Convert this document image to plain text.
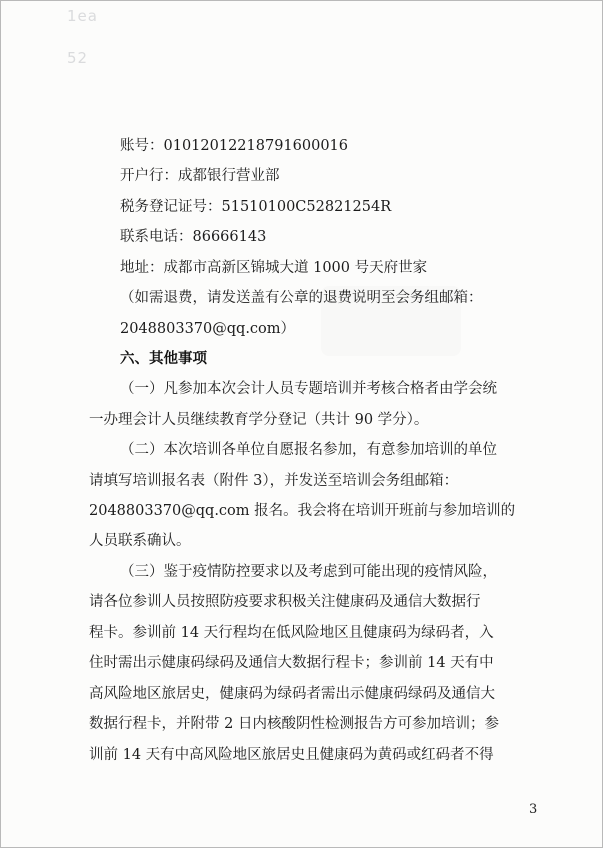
1ea
52
账号：01012012218791600016
开户行：成都银行营业部
税务登记证号：51510100C52821254R
联系电话：86666143
地址：成都市高新区锦城大道 1000 号天府世家
（如需退费，请发送盖有公章的退费说明至会务组邮箱：
2048803370@qq.com）
六、其他事项
（一）凡参加本次会计人员专题培训并考核合格者由学会统
一办理会计人员继续教育学分登记（共计 90 学分）。
（二）本次培训各单位自愿报名参加，有意参加培训的单位
请填写培训报名表（附件 3），并发送至培训会务组邮箱：
2048803370@qq.com 报名。我会将在培训开班前与参加培训的
人员联系确认。
（三）鉴于疫情防控要求以及考虑到可能出现的疫情风险，
请各位参训人员按照防疫要求积极关注健康码及通信大数据行
程卡。参训前 14 天行程均在低风险地区且健康码为绿码者，入
住时需出示健康码绿码及通信大数据行程卡；参训前 14 天有中
高风险地区旅居史，健康码为绿码者需出示健康码绿码及通信大
数据行程卡，并附带 2 日内核酸阴性检测报告方可参加培训；参
训前 14 天有中高风险地区旅居史且健康码为黄码或红码者不得
3
